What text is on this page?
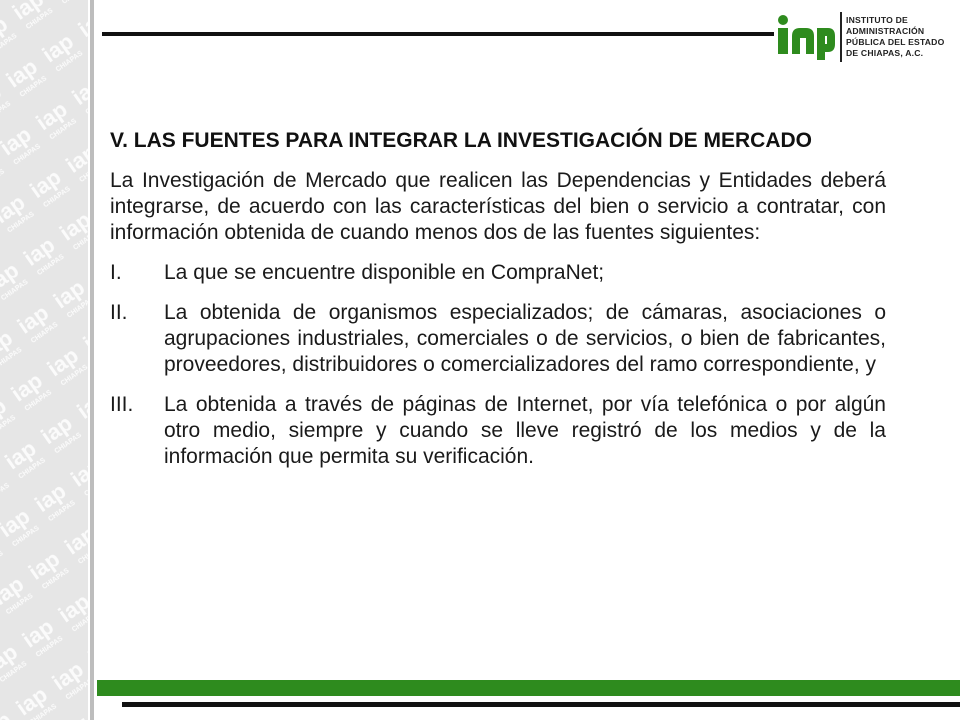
INSTITUTO DE
ADMINISTRACIÓN
PÚBLICA DEL ESTADO
DE CHIAPAS, A.C.
V. LAS FUENTES PARA INTEGRAR LA INVESTIGACIÓN DE MERCADO

La Investigación de Mercado que realicen las Dependencias y Entidades deberá integrarse, de acuerdo con las características del bien o servicio a contratar, con información obtenida de cuando menos dos de las fuentes siguientes:

I. La que se encuentre disponible en CompraNet;
II. La obtenida de organismos especializados; de cámaras, asociaciones o agrupaciones industriales, comerciales o de servicios, o bien de fabricantes, proveedores, distribuidores o comercializadores del ramo correspondiente, y
III. La obtenida a través de páginas de Internet, por vía telefónica o por algún otro medio, siempre y cuando se lleve registró de los medios y de la información que permita su verificación.
